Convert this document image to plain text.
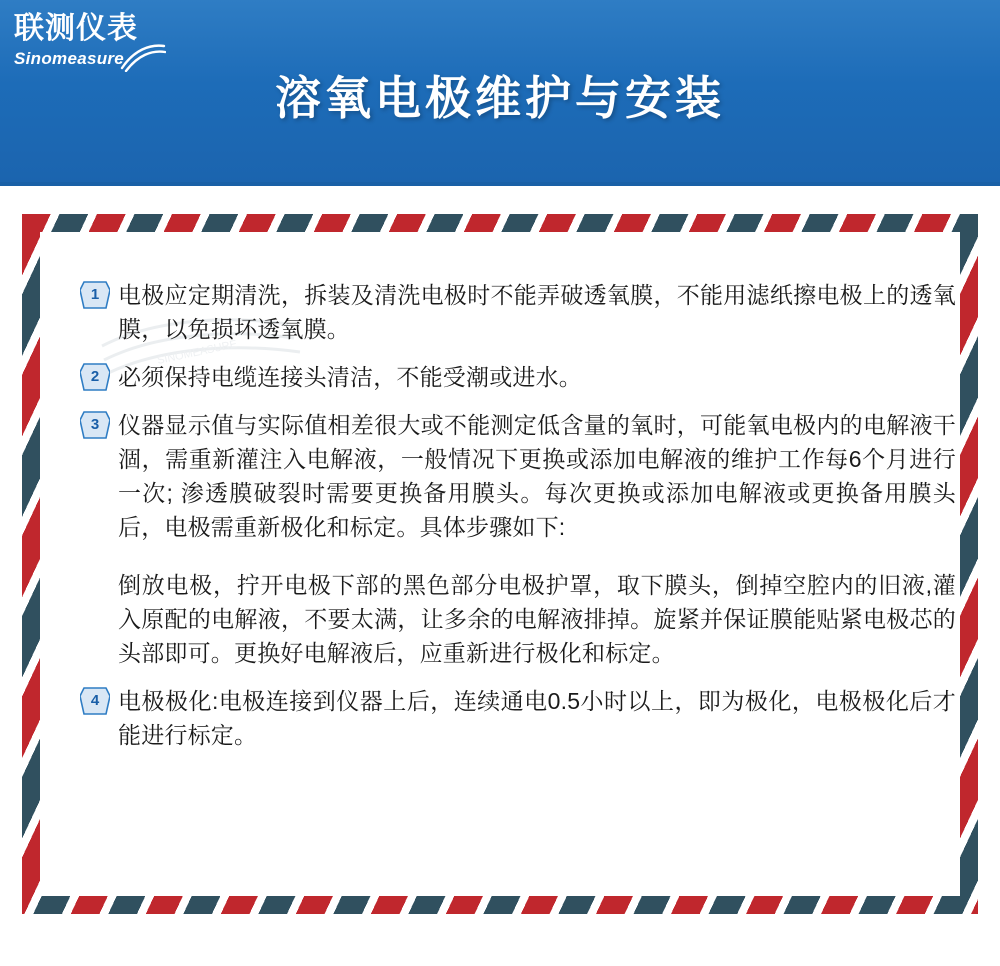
联测仪表
Sinomeasure
溶氧电极维护与安装
SINOMEASURE
1 电极应定期清洗，拆装及清洗电极时不能弄破透氧膜，不能用滤纸擦电极上的透氧膜，以免损坏透氧膜。
2 必须保持电缆连接头清洁，不能受潮或进水。
3 仪器显示值与实际值相差很大或不能测定低含量的氧时，可能氧电极内的电解液干涸，需重新灌注入电解液，一般情况下更换或添加电解液的维护工作每6个月进行一次; 渗透膜破裂时需要更换备用膜头。每次更换或添加电解液或更换备用膜头后，电极需重新极化和标定。具体步骤如下:

倒放电极，拧开电极下部的黑色部分电极护罩，取下膜头，倒掉空腔内的旧液,灌入原配的电解液，不要太满，让多余的电解液排掉。旋紧并保证膜能贴紧电极芯的头部即可。更换好电解液后，应重新进行极化和标定。

4 电极极化:电极连接到仪器上后，连续通电0.5小时以上，即为极化，电极极化后才能进行标定。
